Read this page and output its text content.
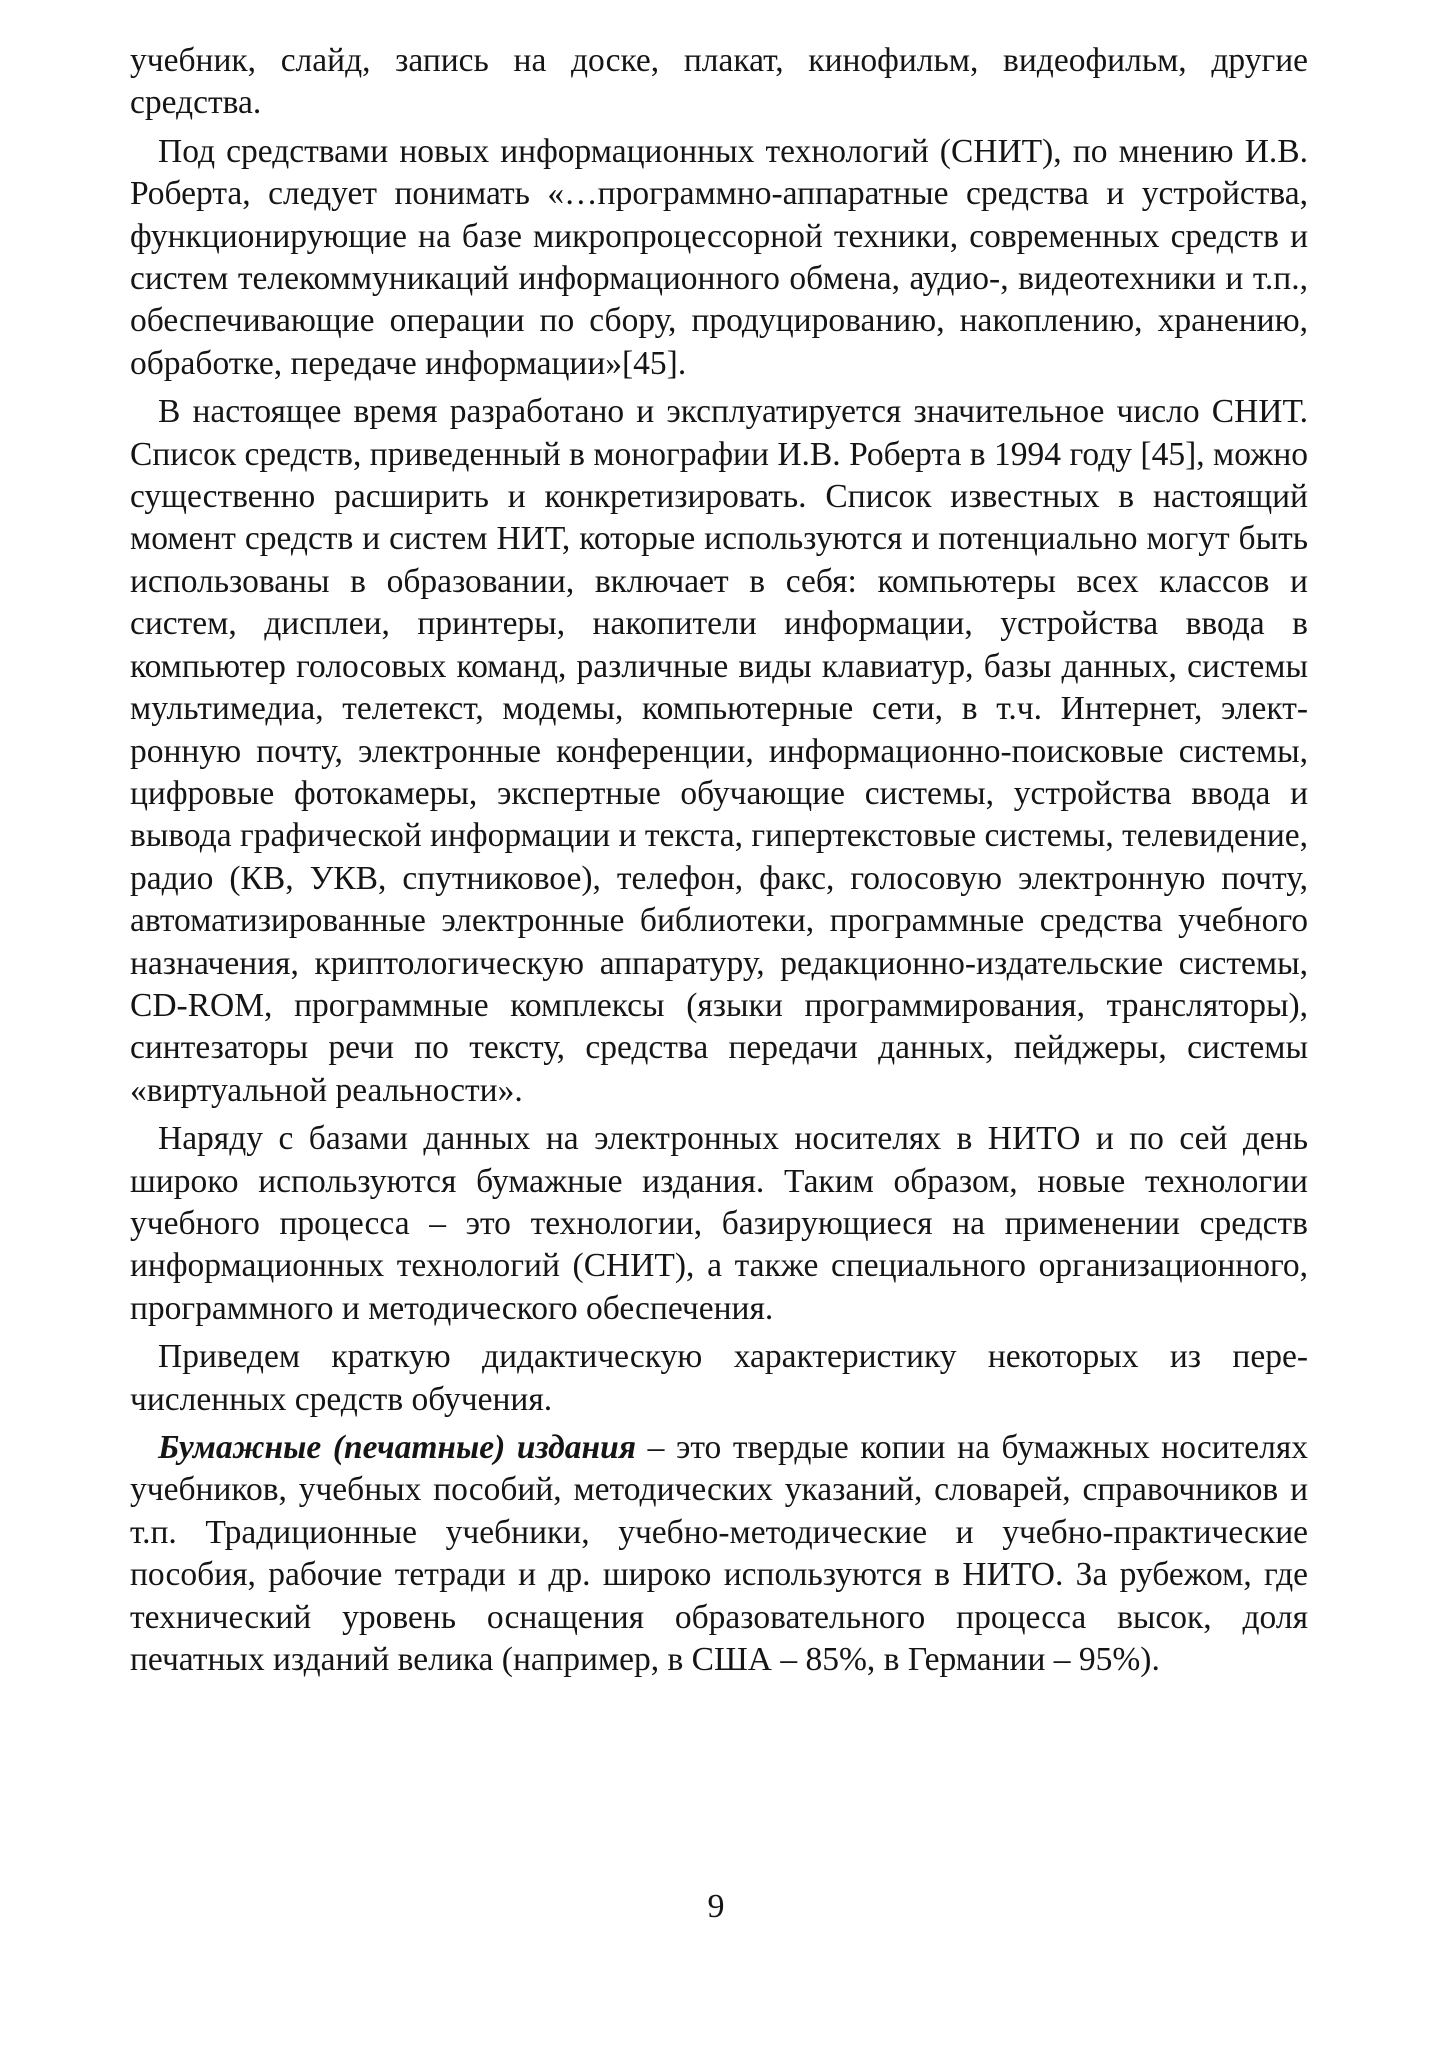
учебник, слайд, запись на доске, плакат, кинофильм, видеофильм, другие средства.

Под средствами новых информационных технологий (СНИТ), по мнению И.В. Роберта, следует понимать «…программно-аппаратные средства и устройства, функционирующие на базе микропроцессорной техники, современных средств и систем телекоммуникаций информационного обмена, аудио-, видеотехники и т.п., обеспечивающие операции по сбору, продуцированию, накоплению, хранению, обработке, передаче информации»[45].

В настоящее время разработано и эксплуатируется значительное число СНИТ. Список средств, приведенный в монографии И.В. Роберта в 1994 году [45], можно существенно расширить и конкретизировать. Список известных в настоящий момент средств и систем НИТ, которые используются и потенциально могут быть использованы в образовании, включает в себя: компьютеры всех классов и систем, дисплеи, принтеры, накопители информации, устройства ввода в компьютер голосовых команд, различные виды клавиатур, базы данных, системы мультимедиа, телетекст, модемы, компьютерные сети, в т.ч. Интернет, электронную почту, электронные конференции, информационно-поисковые системы, цифровые фотокамеры, экспертные обучающие системы, устройства ввода и вывода графической информации и текста, гипертекстовые системы, телевидение, радио (КВ, УКВ, спутниковое), телефон, факс, голосовую электронную почту, автоматизированные электронные библиотеки, программные средства учебного назначения, криптологическую аппаратуру, редакционно-издательские системы, CD-ROM, программные комплексы (языки программирования, трансляторы), синтезаторы речи по тексту, средства передачи данных, пейджеры, системы «виртуальной реальности».

Наряду с базами данных на электронных носителях в НИТО и по сей день широко используются бумажные издания. Таким образом, новые технологии учебного процесса – это технологии, базирующиеся на применении средств информационных технологий (СНИТ), а также специального организационного, программного и методического обеспечения.

Приведем краткую дидактическую характеристику некоторых из перечисленных средств обучения.

Бумажные (печатные) издания – это твердые копии на бумажных носителях учебников, учебных пособий, методических указаний, словарей, справочников и т.п. Традиционные учебники, учебно-методические и учебно-практические пособия, рабочие тетради и др. широко используются в НИТО. За рубежом, где технический уровень оснащения образовательного процесса высок, доля печатных изданий велика (например, в США – 85%, в Германии – 95%).

9
